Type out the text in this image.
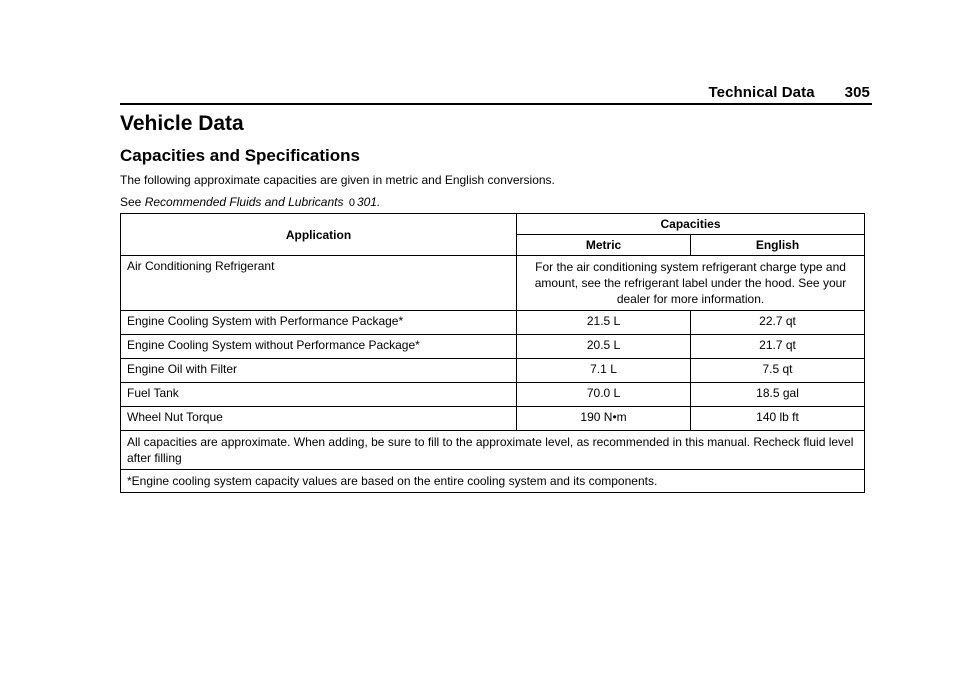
Technical Data 305
Vehicle Data
Capacities and Specifications

The following approximate capacities are given in metric and English conversions.

See Recommended Fluids and Lubricants 0 301.

Application	Capacities	
	Metric	English
Air Conditioning Refrigerant	For the air conditioning system refrigerant charge type and amount, see the refrigerant label under the hood. See your dealer for more information.	
Engine Cooling System with Performance Package*	21.5 L	22.7 qt
Engine Cooling System without Performance Package*	20.5 L	21.7 qt
Engine Oil with Filter	7.1 L	7.5 qt
Fuel Tank	70.0 L	18.5 gal
Wheel Nut Torque	190 N•m	140 lb ft
All capacities are approximate. When adding, be sure to fill to the approximate level, as recommended in this manual. Recheck fluid level after filling		
*Engine cooling system capacity values are based on the entire cooling system and its components.		
